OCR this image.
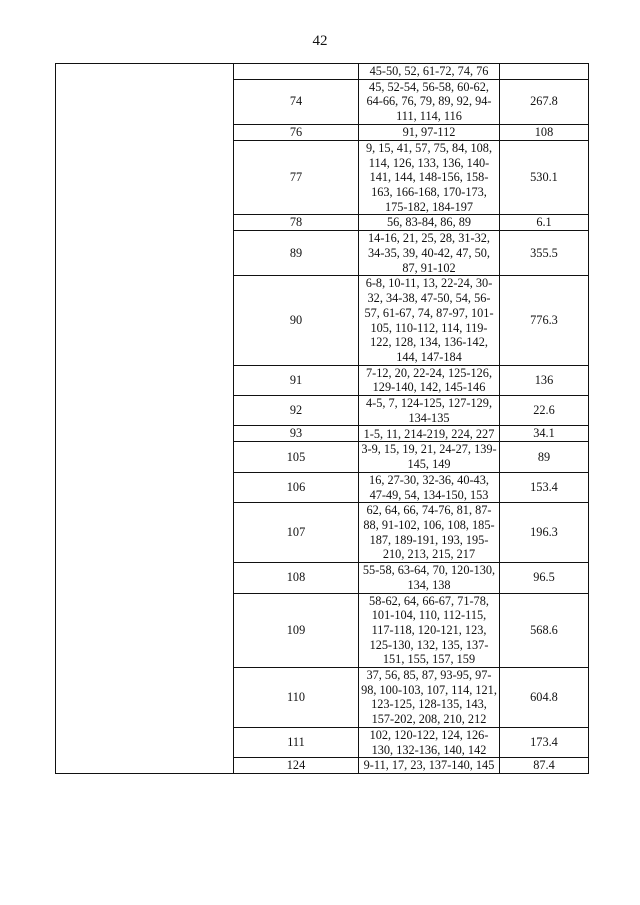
42
		45-50, 52, 61-72, 74, 76	
	74	45, 52-54, 56-58, 60-62, 64-66, 76, 79, 89, 92, 94-111, 114, 116	267.8
	76	91, 97-112	108
	77	9, 15, 41, 57, 75, 84, 108, 114, 126, 133, 136, 140-141, 144, 148-156, 158-163, 166-168, 170-173, 175-182, 184-197	530.1
	78	56, 83-84, 86, 89	6.1
	89	14-16, 21, 25, 28, 31-32, 34-35, 39, 40-42, 47, 50, 87, 91-102	355.5
	90	6-8, 10-11, 13, 22-24, 30-32, 34-38, 47-50, 54, 56-57, 61-67, 74, 87-97, 101-105, 110-112, 114, 119-122, 128, 134, 136-142, 144, 147-184	776.3
	91	7-12, 20, 22-24, 125-126, 129-140, 142, 145-146	136
	92	4-5, 7, 124-125, 127-129, 134-135	22.6
	93	1-5, 11, 214-219, 224, 227	34.1
	105	3-9, 15, 19, 21, 24-27, 139-145, 149	89
	106	16, 27-30, 32-36, 40-43, 47-49, 54, 134-150, 153	153.4
	107	62, 64, 66, 74-76, 81, 87-88, 91-102, 106, 108, 185-187, 189-191, 193, 195-210, 213, 215, 217	196.3
	108	55-58, 63-64, 70, 120-130, 134, 138	96.5
	109	58-62, 64, 66-67, 71-78, 101-104, 110, 112-115, 117-118, 120-121, 123, 125-130, 132, 135, 137-151, 155, 157, 159	568.6
	110	37, 56, 85, 87, 93-95, 97-98, 100-103, 107, 114, 121, 123-125, 128-135, 143, 157-202, 208, 210, 212	604.8
	111	102, 120-122, 124, 126-130, 132-136, 140, 142	173.4
	124	9-11, 17, 23, 137-140, 145	87.4
